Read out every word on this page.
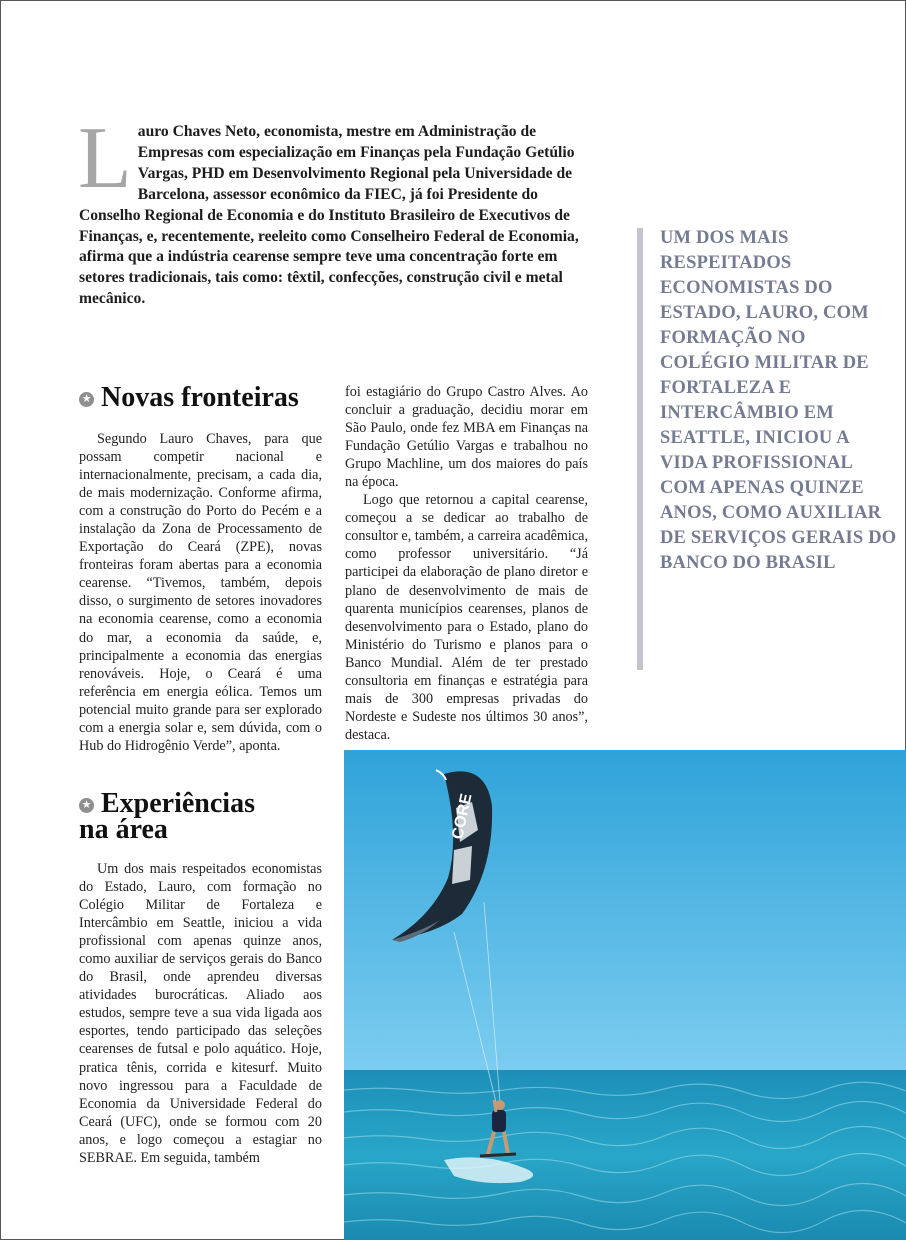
L auro Chaves Neto, economista, mestre em Administração de Empresas com especialização em Finanças pela Fundação Getúlio Vargas, PHD em Desenvolvimento Regional pela Universidade de Barcelona, assessor econômico da FIEC, já foi Presidente do Conselho Regional de Economia e do Instituto Brasileiro de Executivos de Finanças, e, recentemente, reeleito como Conselheiro Federal de Economia, afirma que a indústria cearense sempre teve uma concentração forte em setores tradicionais, tais como: têxtil, confecções, construção civil e metal mecânico.
UM DOS MAIS RESPEITADOS ECONOMISTAS DO ESTADO, LAURO, COM FORMAÇÃO NO COLÉGIO MILITAR DE FORTALEZA E INTERCÂMBIO EM SEATTLE, INICIOU A VIDA PROFISSIONAL COM APENAS QUINZE ANOS, COMO AUXILIAR DE SERVIÇOS GERAIS DO BANCO DO BRASIL
★ Novas fronteiras

Segundo Lauro Chaves, para que possam competir nacional e internacionalmente, precisam, a cada dia, de mais modernização. Conforme afirma, com a construção do Porto do Pecém e a instalação da Zona de Processamento de Exportação do Ceará (ZPE), novas fronteiras foram abertas para a economia cearense. “Tivemos, também, depois disso, o surgimento de setores inovadores na economia cearense, como a economia do mar, a economia da saúde, e, principalmente a economia das energias renováveis. Hoje, o Ceará é uma referência em energia eólica. Temos um potencial muito grande para ser explorado com a energia solar e, sem dúvida, com o Hub do Hidrogênio Verde”, aponta.

★ Experiências
na área

Um dos mais respeitados economistas do Estado, Lauro, com formação no Colégio Militar de Fortaleza e Intercâmbio em Seattle, iniciou a vida profissional com apenas quinze anos, como auxiliar de serviços gerais do Banco do Brasil, onde aprendeu diversas atividades burocráticas. Aliado aos estudos, sempre teve a sua vida ligada aos esportes, tendo participado das seleções cearenses de futsal e polo aquático. Hoje, pratica tênis, corrida e kitesurf. Muito novo ingressou para a Faculdade de Economia da Universidade Federal do Ceará (UFC), onde se formou com 20 anos, e logo começou a estagiar no SEBRAE. Em seguida, também

foi estagiário do Grupo Castro Alves. Ao concluir a graduação, decidiu morar em São Paulo, onde fez MBA em Finanças na Fundação Getúlio Vargas e trabalhou no Grupo Machline, um dos maiores do país na época.

Logo que retornou a capital cearense, começou a se dedicar ao trabalho de consultor e, também, a carreira acadêmica, como professor universitário. “Já participei da elaboração de plano diretor e plano de desenvolvimento de mais de quarenta municípios cearenses, planos de desenvolvimento para o Estado, plano do Ministério do Turismo e planos para o Banco Mundial. Além de ter prestado consultoria em finanças e estratégia para mais de 300 empresas privadas do Nordeste e Sudeste nos últimos 30 anos”, destaca.

CORE
